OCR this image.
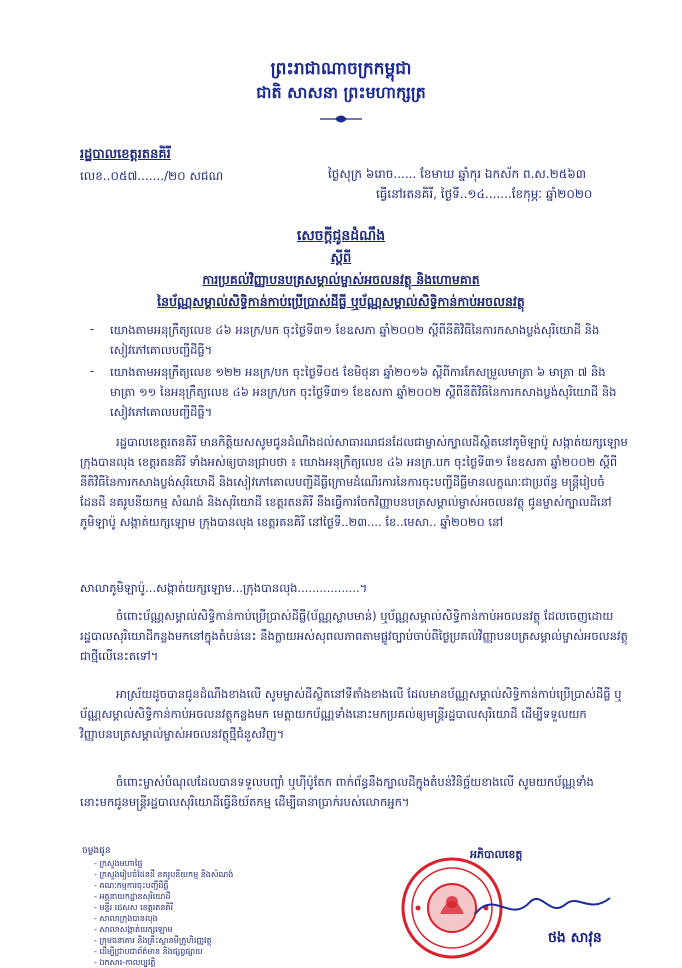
ព្រះរាជាណាចក្រកម្ពុជា
ជាតិ សាសនា ព្រះមហាក្សត្រ
រដ្ឋបាលខេត្តរតនគិរី
លេខ..០៥៧......./២០ សជណ	ថ្ងៃសុក្រ ៦រោច...... ខែមាឃ ឆ្នាំកុរ ឯកស័ក ព.ស.២៥៦៣
ធ្វើនៅរតនគិរី, ថ្ងៃទី..១៤.......ខែកុម្ភៈ ឆ្នាំ២០២០
សេចក្តីជូនដំណឹង
ស្តីពី
ការប្រគល់វិញ្ញាបនបត្រសម្គាល់ម្ចាស់អចលនវត្ថុ និងហោមគាត
នៃប័ណ្ណសម្គាល់សិទ្ធិកាន់កាប់ប្រើប្រាស់ដីធ្លី ឬប័ណ្ណសម្គាល់សិទ្ធិកាន់កាប់អចលនវត្ថុ
- យោងតាមអនុក្រឹត្យលេខ ៤៦ អនក្រ/បក ចុះថ្ងៃទី៣១ ខែឧសភា ឆ្នាំ២០០២ ស្តីពីនីតិវិធីនៃការកសាងប្លង់សុរិយោដី និងសៀវភៅគោលបញ្ជីដីធ្លី។
- យោងតាមអនុក្រឹត្យលេខ ១២២ អនក្រ/បក ចុះថ្ងៃទី០៥ ខែមិថុនា ឆ្នាំ២០១៦ ស្តីពីការកែសម្រួលមាត្រា ៦ មាត្រា ៧ និងមាត្រា ១១ នៃអនុក្រឹត្យលេខ ៤៦ អនក្រ/បក ចុះថ្ងៃទី៣១ ខែឧសភា ឆ្នាំ២០០២ ស្តីពីនីតិវិធីនៃការកសាងប្លង់សុរិយោដី និងសៀវភៅគោលបញ្ជីដីធ្លី។
រដ្ឋបាលខេត្តរតនគិរី មានកិត្តិយសសូមជូនដំណឹងដល់សាធារណជនដែលជាម្ចាស់ក្បាលដីស្ថិតនៅភូមិឡាប៉ូ សង្កាត់យក្សឡោម ក្រុងបានលុង ខេត្តរតនគិរី ទាំងអស់ឲ្យបានជ្រាបថា ៖ យោងអនុក្រឹត្យលេខ ៤៦ អនក្រ.បក ចុះថ្ងៃទី៣១ ខែឧសភា ឆ្នាំ២០០២ ស្តីពីនីតិវិធីនៃការកសាងប្លង់សុរិយោដី និងសៀវភៅគោលបញ្ជីដីធ្លីក្រោមដំណើរការនៃការចុះបញ្ជីដីធ្លីមានលក្ខណៈជាប្រព័ន្ធ មន្ត្រីរៀបចំដែនដី នគរូបនីយកម្ម សំណង់ និងសុរិយោដី ខេត្តរតនគិរី នឹងធ្វើការចែកវិញ្ញាបនបត្រសម្គាល់ម្ចាស់អចលនវត្ថុ ជូនម្ចាស់ក្បាលដីនៅភូមិឡាប៉ូ សង្កាត់យក្សឡោម ក្រុងបានលុង ខេត្តរតនគិរី នៅថ្ងៃទី..២៣.... ខែ..មេសា.. ឆ្នាំ២០២០ នៅ
សាលាភូមិឡាប៉ូ...សង្កាត់យក្សឡោម...ក្រុងបានលុង.................។
ចំពោះប័ណ្ណសម្គាល់សិទ្ធិកាន់កាប់ប្រើប្រាស់ដីធ្លី(ប័ណ្ណស្លាបមាន់) ឬប័ណ្ណសម្គាល់សិទ្ធិកាន់កាប់អចលនវត្ថុ ដែលចេញដោយរដ្ឋបាលសុរិយោដីកន្លងមកនៅក្នុងតំបន់នេះ នឹងក្លាយអស់សុពលភាពតាមផ្លូវច្បាប់ចាប់ពីថ្ងៃប្រគល់វិញ្ញាបនបត្រសម្គាល់ម្ចាស់អចលនវត្ថុជាថ្មីលើនេះតទៅ។
អាស្រ័យដូចបានជូនដំណឹងខាងលើ សូមម្ចាស់ដីស្ថិតនៅទីតាំងខាងលើ ដែលមានប័ណ្ណសម្គាល់សិទ្ធិកាន់កាប់ប្រើប្រាស់ដីធ្លី ឬប័ណ្ណសម្គាល់សិទ្ធិកាន់កាប់អចលនវត្ថុកន្លងមក មេត្តាយកប័ណ្ណទាំងនោះមកប្រគល់ឲ្យមន្ត្រីរដ្ឋបាលសុរិយោដី ដើម្បីទទួលយកវិញ្ញាបនបត្រសម្គាល់ម្ចាស់អចលនវត្ថុថ្មីជំនួសវិញ។
ចំពោះម្ចាស់បំណុលដែលបានទទួលបញ្ចាំ ឬហ៊ីប៉ូតែក ពាក់ព័ន្ធនឹងក្បាលដីក្នុងតំបន់វិនិច្ឆ័យខាងលើ សូមយកប័ណ្ណទាំងនោះមកជូនមន្ត្រីរដ្ឋបាលសុរិយោដីធ្វើនិយ័តកម្ម ដើម្បីធានាប្រាក់របស់លោកអ្នក។
ចម្លងជូន
- ក្រសួងមហាផ្ទៃ
- ក្រសួងរៀបចំដែនដី នគរូបនីយកម្ម និងសំណង់
- គណៈកម្មការចុះបញ្ជីដីធ្លី
- អគ្គនាយកដ្ឋានសុរិយោដី
- មន្ទីរ រដសស ខេត្តរតនគិរី
- សាលាក្រុងបានលុង
- សាលាសង្កាត់យក្សឡោម
- ក្រុមធនាគារ និងគ្រឹះស្ថានមីក្រូហិរញ្ញវត្ថុ
- ដើម្បីជ្រាបជាព័ត៌មាន និងផ្សព្វផ្សាយ
- ឯកសារ-កាលប្បវត្តិ
អភិបាលខេត្ត
ថង សាវុន
